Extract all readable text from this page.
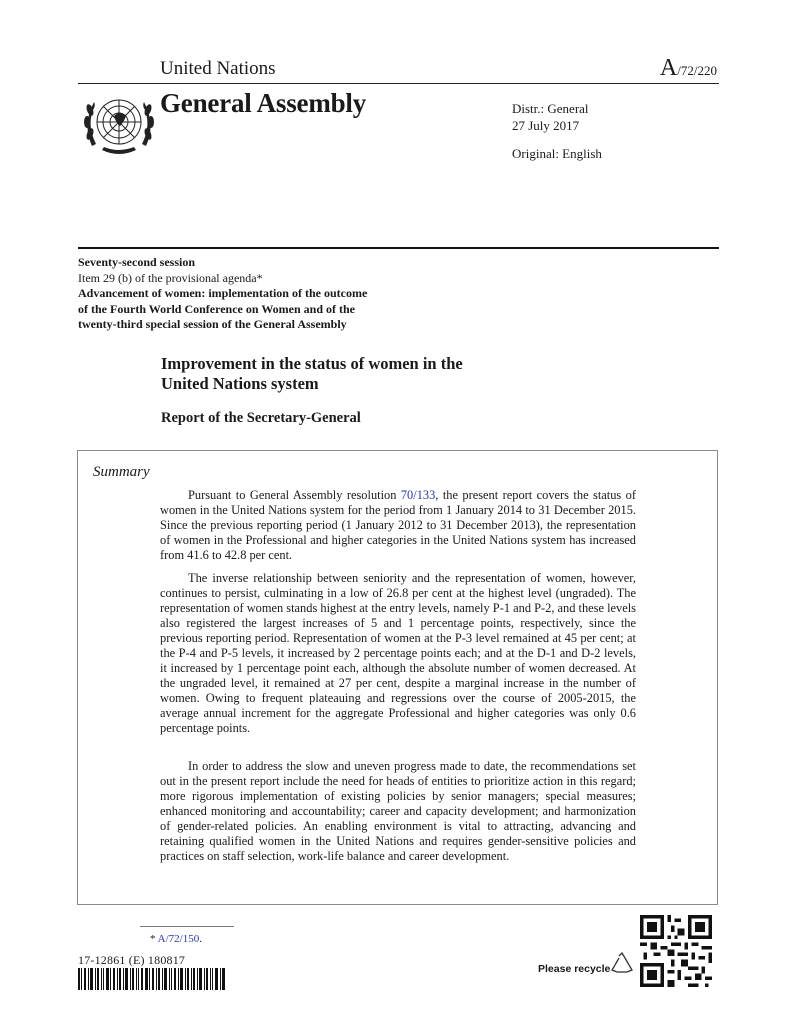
United Nations	A/72/220
General Assembly	Distr.: General
27 July 2017
Original: English
Seventy-second session
Item 29 (b) of the provisional agenda*
Advancement of women: implementation of the outcome
of the Fourth World Conference on Women and of the
twenty-third special session of the General Assembly
Improvement in the status of women in the
United Nations system
Report of the Secretary-General
Summary

Pursuant to General Assembly resolution 70/133, the present report covers the status of women in the United Nations system for the period from 1 January 2014 to 31 December 2015. Since the previous reporting period (1 January 2012 to 31 December 2013), the representation of women in the Professional and higher categories in the United Nations system has increased from 41.6 to 42.8 per cent.

The inverse relationship between seniority and the representation of women, however, continues to persist, culminating in a low of 26.8 per cent at the highest level (ungraded). The representation of women stands highest at the entry levels, namely P-1 and P-2, and these levels also registered the largest increases of 5 and 1 percentage points, respectively, since the previous reporting period. Representation of women at the P-3 level remained at 45 per cent; at the P-4 and P-5 levels, it increased by 2 percentage points each; and at the D-1 and D-2 levels, it increased by 1 percentage point each, although the absolute number of women decreased. At the ungraded level, it remained at 27 per cent, despite a marginal increase in the number of women. Owing to frequent plateauing and regressions over the course of 2005-2015, the average annual increment for the aggregate Professional and higher categories was only 0.6 percentage points.

In order to address the slow and uneven progress made to date, the recommendations set out in the present report include the need for heads of entities to prioritize action in this regard; more rigorous implementation of existing policies by senior managers; special measures; enhanced monitoring and accountability; career and capacity development; and harmonization of gender-related policies. An enabling environment is vital to attracting, advancing and retaining qualified women in the United Nations and requires gender-sensitive policies and practices on staff selection, work-life balance and career development.

* A/72/150.
17-12861 (E) 180817
Please recycle
